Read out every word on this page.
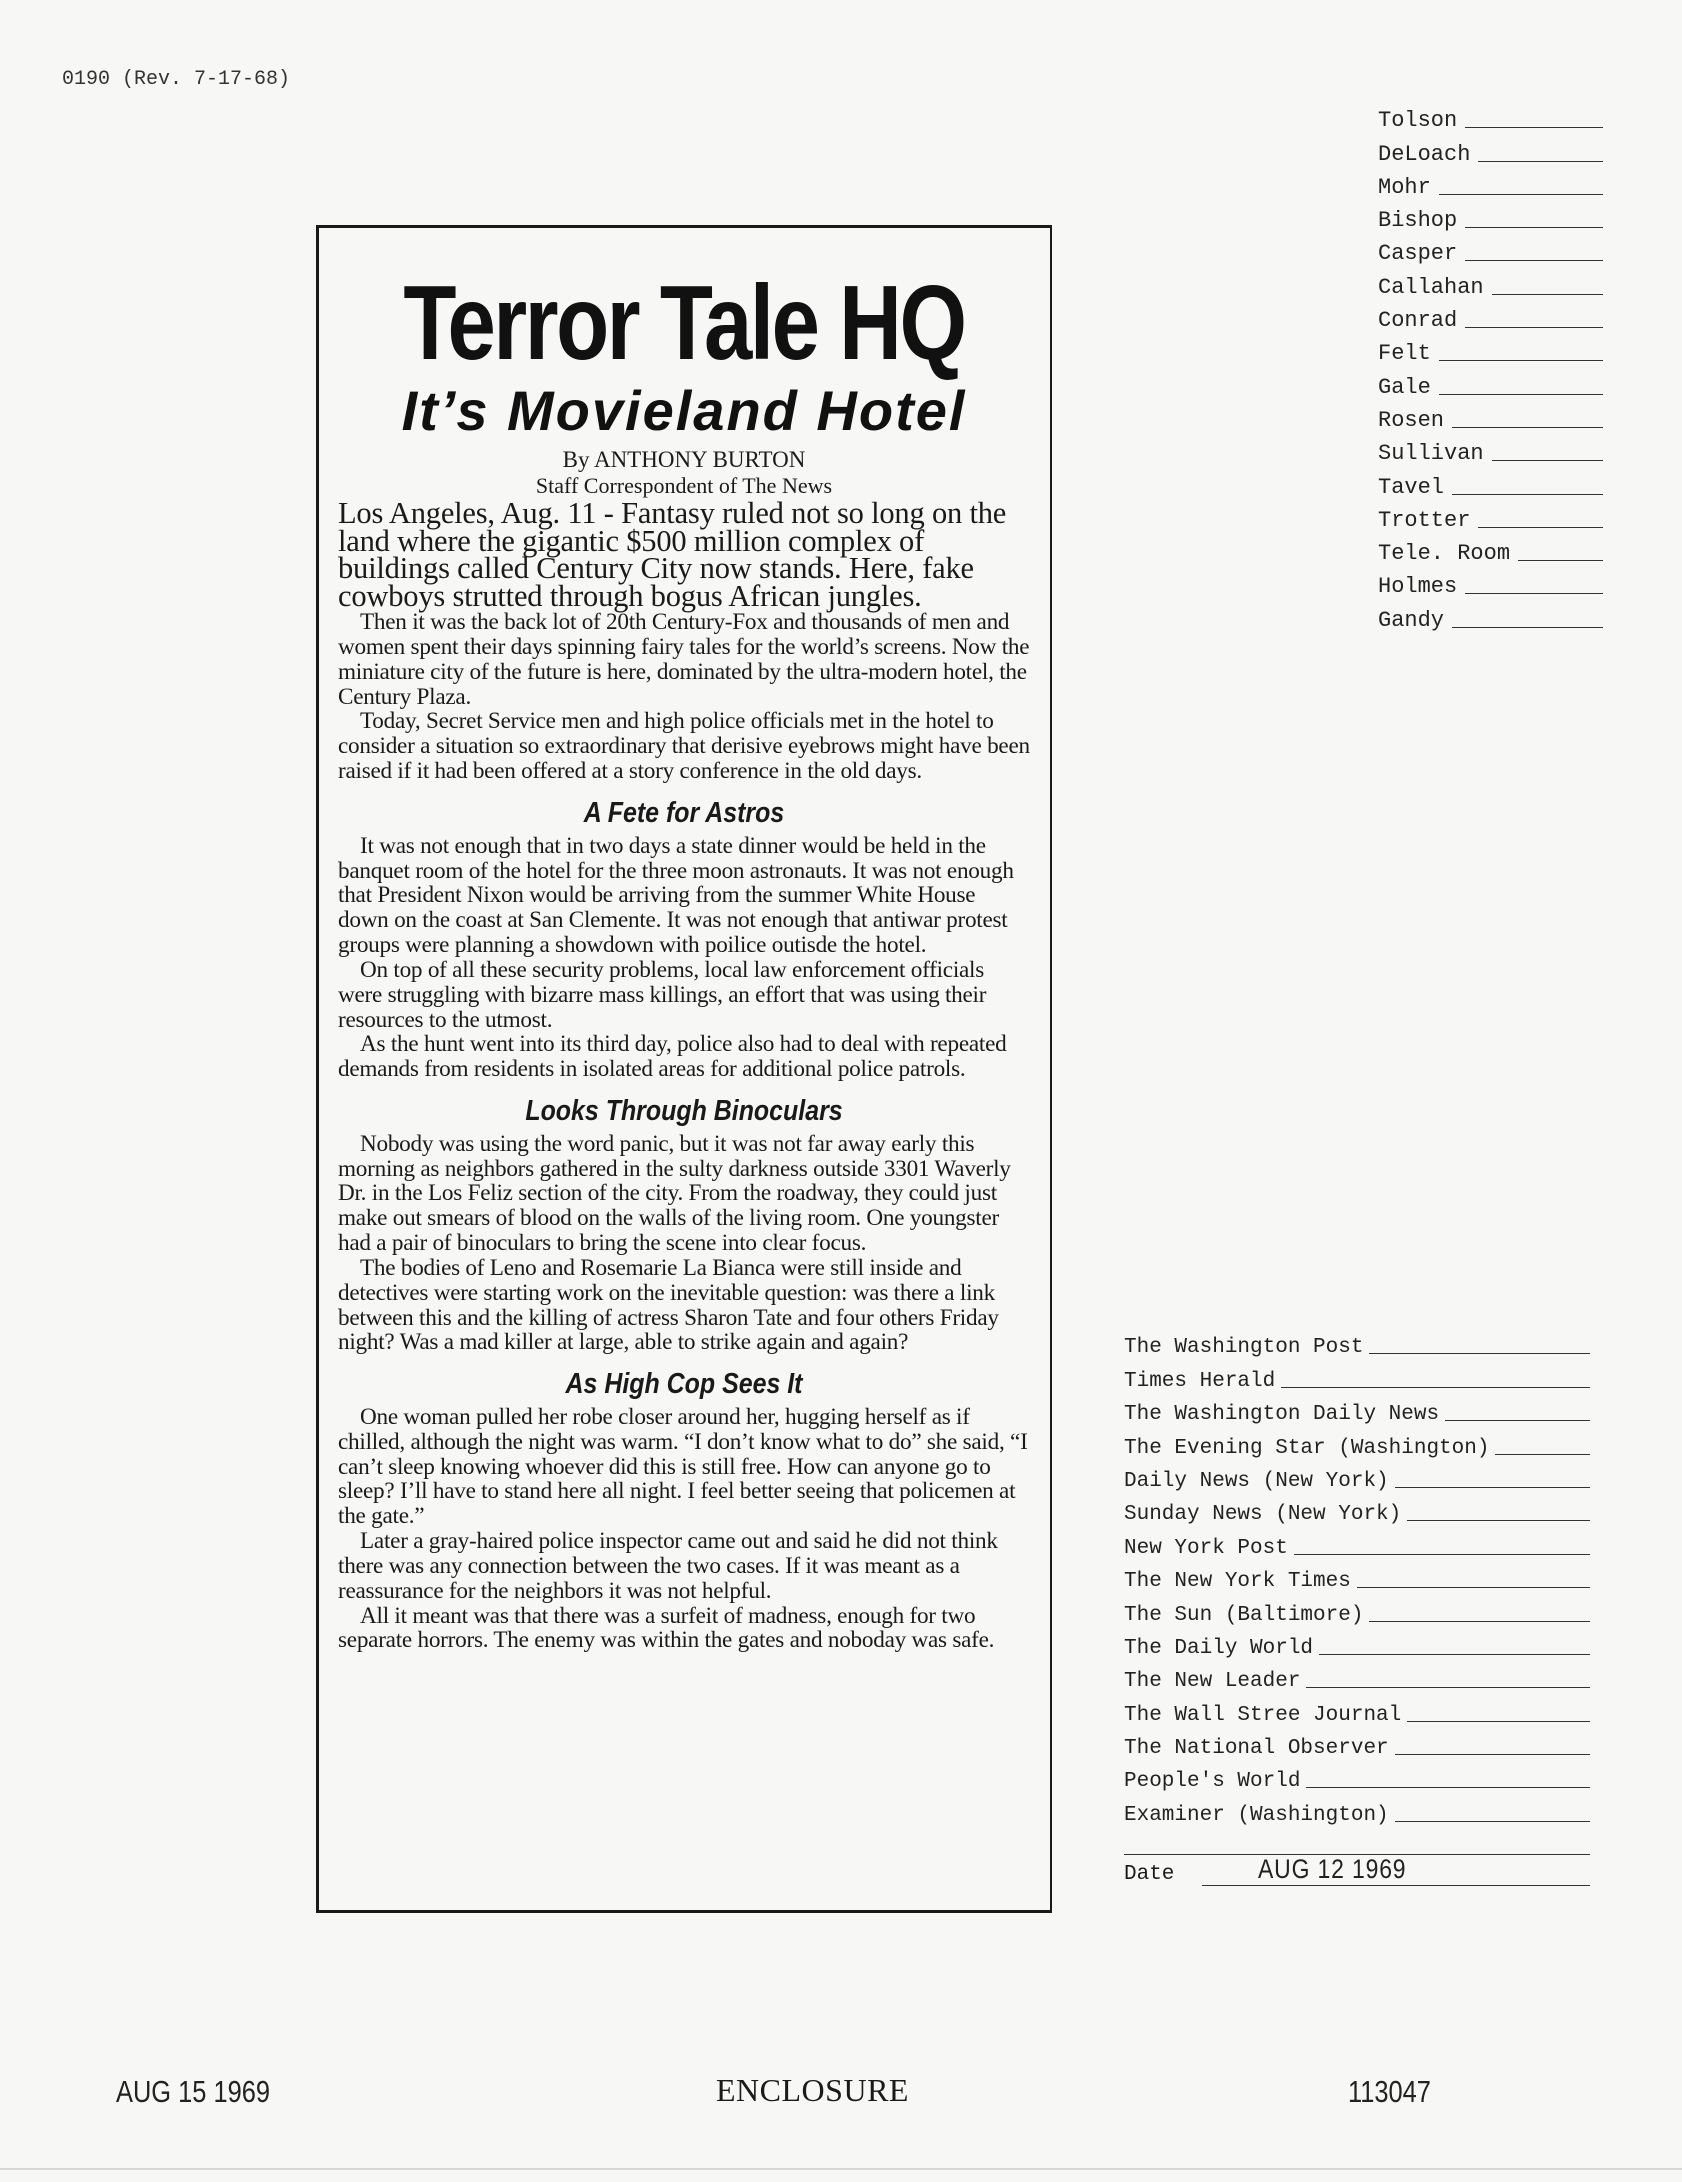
0190 (Rev. 7-17-68)
Tolson
DeLoach
Mohr
Bishop
Casper
Callahan
Conrad
Felt
Gale
Rosen
Sullivan
Tavel
Trotter
Tele. Room
Holmes
Gandy
Terror Tale HQ
It’s Movieland Hotel
By ANTHONY BURTON
Staff Correspondent of The News
Los Angeles, Aug. 11 - Fantasy ruled not so long on the land where the gigantic $500 million complex of buildings called Century City now stands. Here, fake cowboys strutted through bogus African jungles.
Then it was the back lot of 20th Century-Fox and thousands of men and women spent their days spinning fairy tales for the world’s screens. Now the miniature city of the future is here, dominated by the ultra-modern hotel, the Century Plaza.
Today, Secret Service men and high police officials met in the hotel to consider a situation so extraordinary that derisive eyebrows might have been raised if it had been offered at a story conference in the old days.
A Fete for Astros
It was not enough that in two days a state dinner would be held in the banquet room of the hotel for the three moon astronauts. It was not enough that President Nixon would be arriving from the summer White House down on the coast at San Clemente. It was not enough that antiwar protest groups were planning a showdown with poilice outisde the hotel.
On top of all these security problems, local law enforcement officials were struggling with bizarre mass killings, an effort that was using their resources to the utmost.
As the hunt went into its third day, police also had to deal with repeated demands from residents in isolated areas for additional police patrols.
Looks Through Binoculars
Nobody was using the word panic, but it was not far away early this morning as neighbors gathered in the sulty darkness outside 3301 Waverly Dr. in the Los Feliz section of the city. From the roadway, they could just make out smears of blood on the walls of the living room. One youngster had a pair of binoculars to bring the scene into clear focus.
The bodies of Leno and Rosemarie La Bianca were still inside and detectives were starting work on the inevitable question: was there a link between this and the killing of actress Sharon Tate and four others Friday night? Was a mad killer at large, able to strike again and again?
As High Cop Sees It
One woman pulled her robe closer around her, hugging herself as if chilled, although the night was warm. “I don’t know what to do” she said, “I can’t sleep knowing whoever did this is still free. How can anyone go to sleep? I’ll have to stand here all night. I feel better seeing that policemen at the gate.”
Later a gray-haired police inspector came out and said he did not think there was any connection between the two cases. If it was meant as a reassurance for the neighbors it was not helpful.
All it meant was that there was a surfeit of madness, enough for two separate horrors. The enemy was within the gates and noboday was safe.
The Washington Post
Times Herald
The Washington Daily News
The Evening Star (Washington)
Daily News (New York)
Sunday News (New York)
New York Post
The New York Times
The Sun (Baltimore)
The Daily World
The New Leader
The Wall Stree Journal
The National Observer
People's World
Examiner (Washington)
Date	AUG 12 1969
AUG 15 1969	ENCLOSURE	113047
